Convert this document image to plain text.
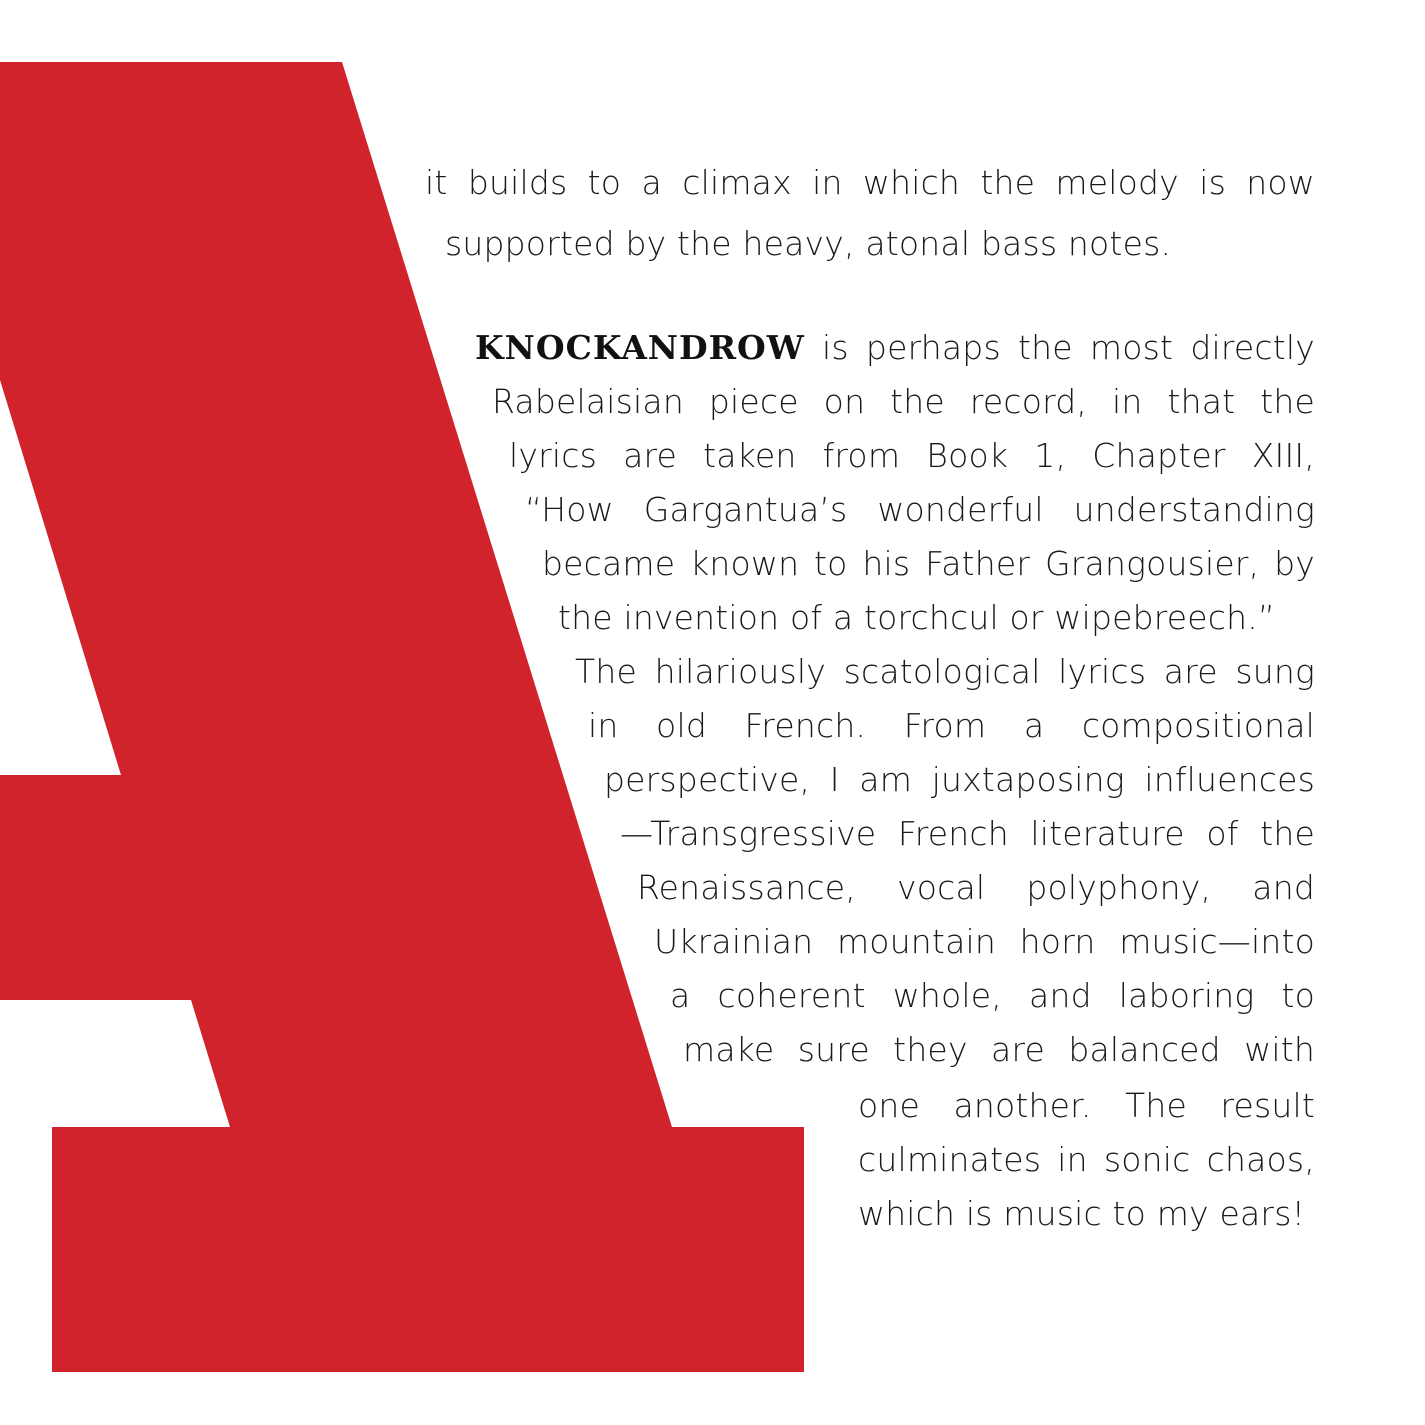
it builds to a climax in which the melody is now
supported by the heavy, atonal bass notes.
KNOCKANDROW is perhaps the most directly
Rabelaisian piece on the record, in that the
lyrics are taken from Book 1, Chapter XIII,
“How Gargantua’s wonderful understanding
became known to his Father Grangousier, by
the invention of a torchcul or wipebreech.”
The hilariously scatological lyrics are sung
in old French. From a compositional
perspective, I am juxtaposing influences
—Transgressive French literature of the
Renaissance, vocal polyphony, and
Ukrainian mountain horn music—into
a coherent whole, and laboring to
make sure they are balanced with
one another. The result
culminates in sonic chaos,
which is music to my ears!
